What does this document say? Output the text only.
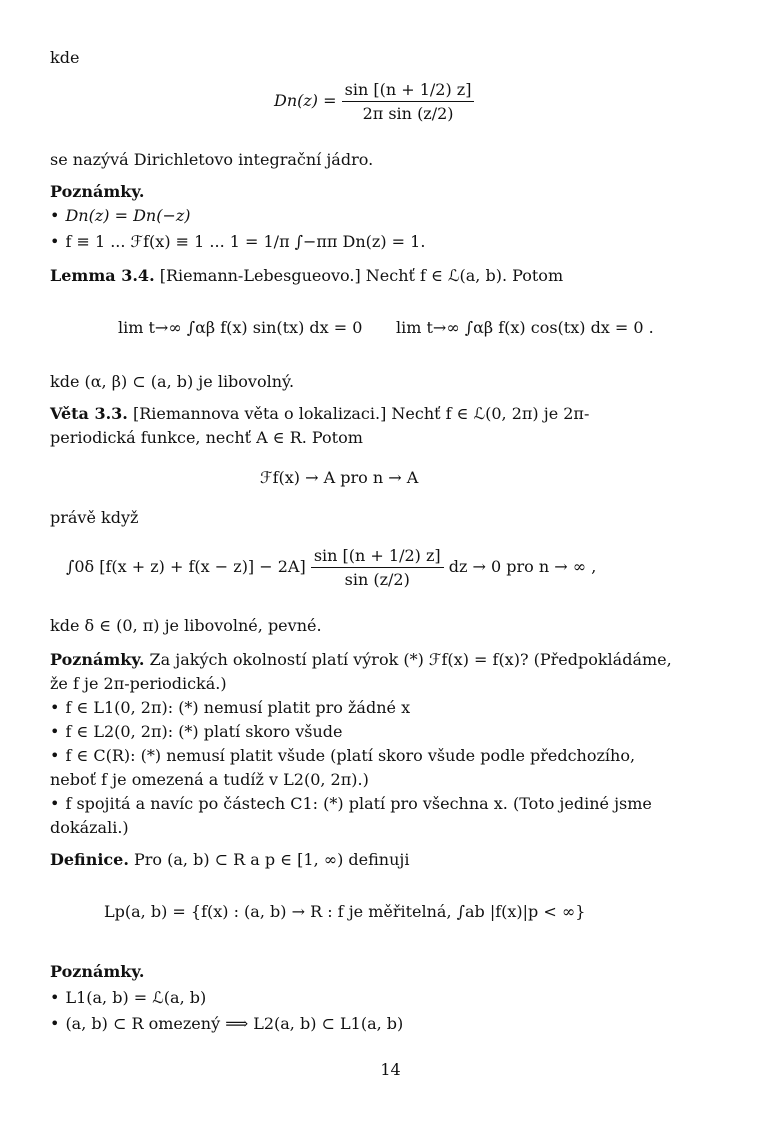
kde
$Dn(z) = \frac{\sin [(n + 1/2) z]}{\text{2π sin (z/2)}}$
se nazývá Dirichletovo integrační jádro.
Poznámky.
• Dn(z) = Dn(−z)
• f ≡ 1 ... ℱf(x) ≡ 1 ... 1 = 1/π ∫−ππ Dn(z) = 1.
Lemma 3.4. [Riemann-Lebesgueovo.] Nechť f ∈ ℒ(a, b). Potom
lim t→∞ ∫αβ f(x) sin(tx) dx = 0 lim t→∞ ∫αβ f(x) cos(tx) dx = 0 .
kde (α, β) ⊂ (a, b) je libovolný.
Věta 3.3. [Riemannova věta o lokalizaci.] Nechť f ∈ ℒ(0, 2π) je 2π-
periodická funkce, nechť A ∈ R. Potom
ℱf(x) → A pro n → A
právě když
∫0δ $[f(x + z) + f(x - z)] - 2A] \frac{\sin [(n + 1/2) z]}{\sin (z/2)}$ dz → 0 pro n → ∞ ,
kde δ ∈ (0, π) je libovolné, pevné.
Poznámky. Za jakých okolností platí výrok (*) ℱf(x) = f(x)? (Předpokládáme,
že f je 2π-periodická.)
• f ∈ L1(0, 2π): (*) nemusí platit pro žádné x
• f ∈ L2(0, 2π): (*) platí skoro všude
• f ∈ C(R): (*) nemusí platit všude (platí skoro všude podle předchozího,
neboť f je omezená a tudíž v L2(0, 2π).)
• f spojitá a navíc po částech C1: (*) platí pro všechna x. (Toto jediné jsme
dokázali.)
Definice. Pro (a, b) ⊂ R a p ∈ [1, ∞) definuji
Lp(a, b) = {f(x) : (a, b) → R : f je měřitelná, ∫ab |f(x)|p < ∞}
Poznámky.
• L1(a, b) = ℒ(a, b)
• (a, b) ⊂ R omezený ⟹ L2(a, b) ⊂ L1(a, b)
14
